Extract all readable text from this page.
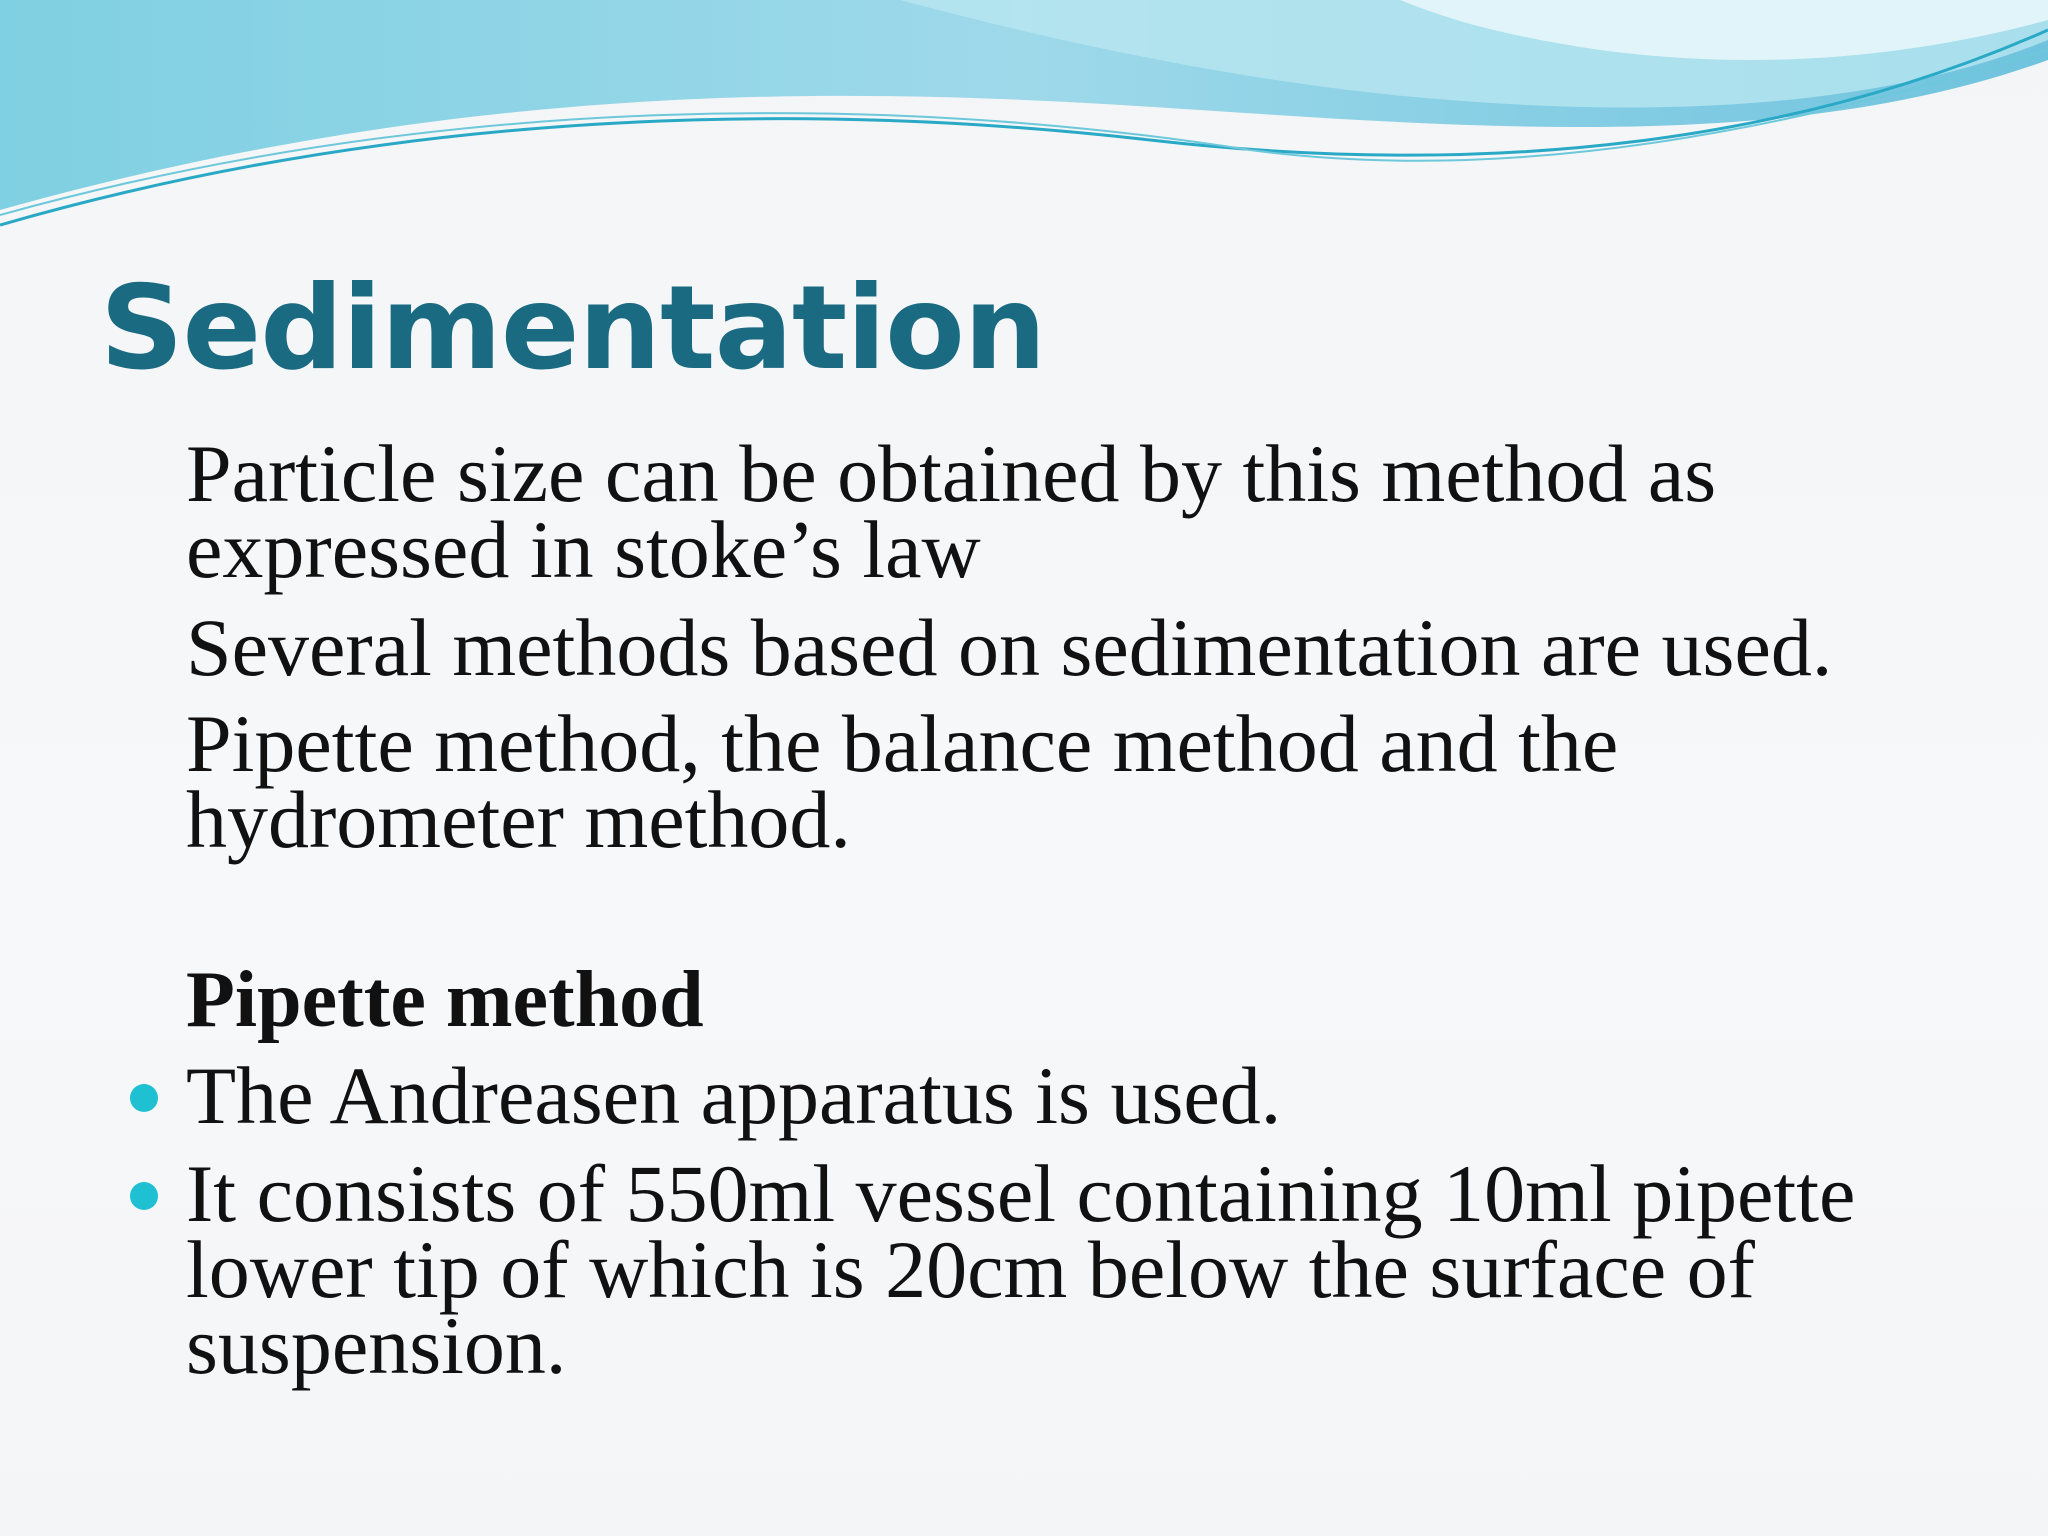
Sedimentation

Particle size can be obtained by this method as expressed in stoke’s law

Several methods based on sedimentation are used.

Pipette method, the balance method and the hydrometer method.

Pipette method

The Andreasen apparatus is used.
It consists of 550ml vessel containing 10ml pipette lower tip of which is 20cm below the surface of suspension.
